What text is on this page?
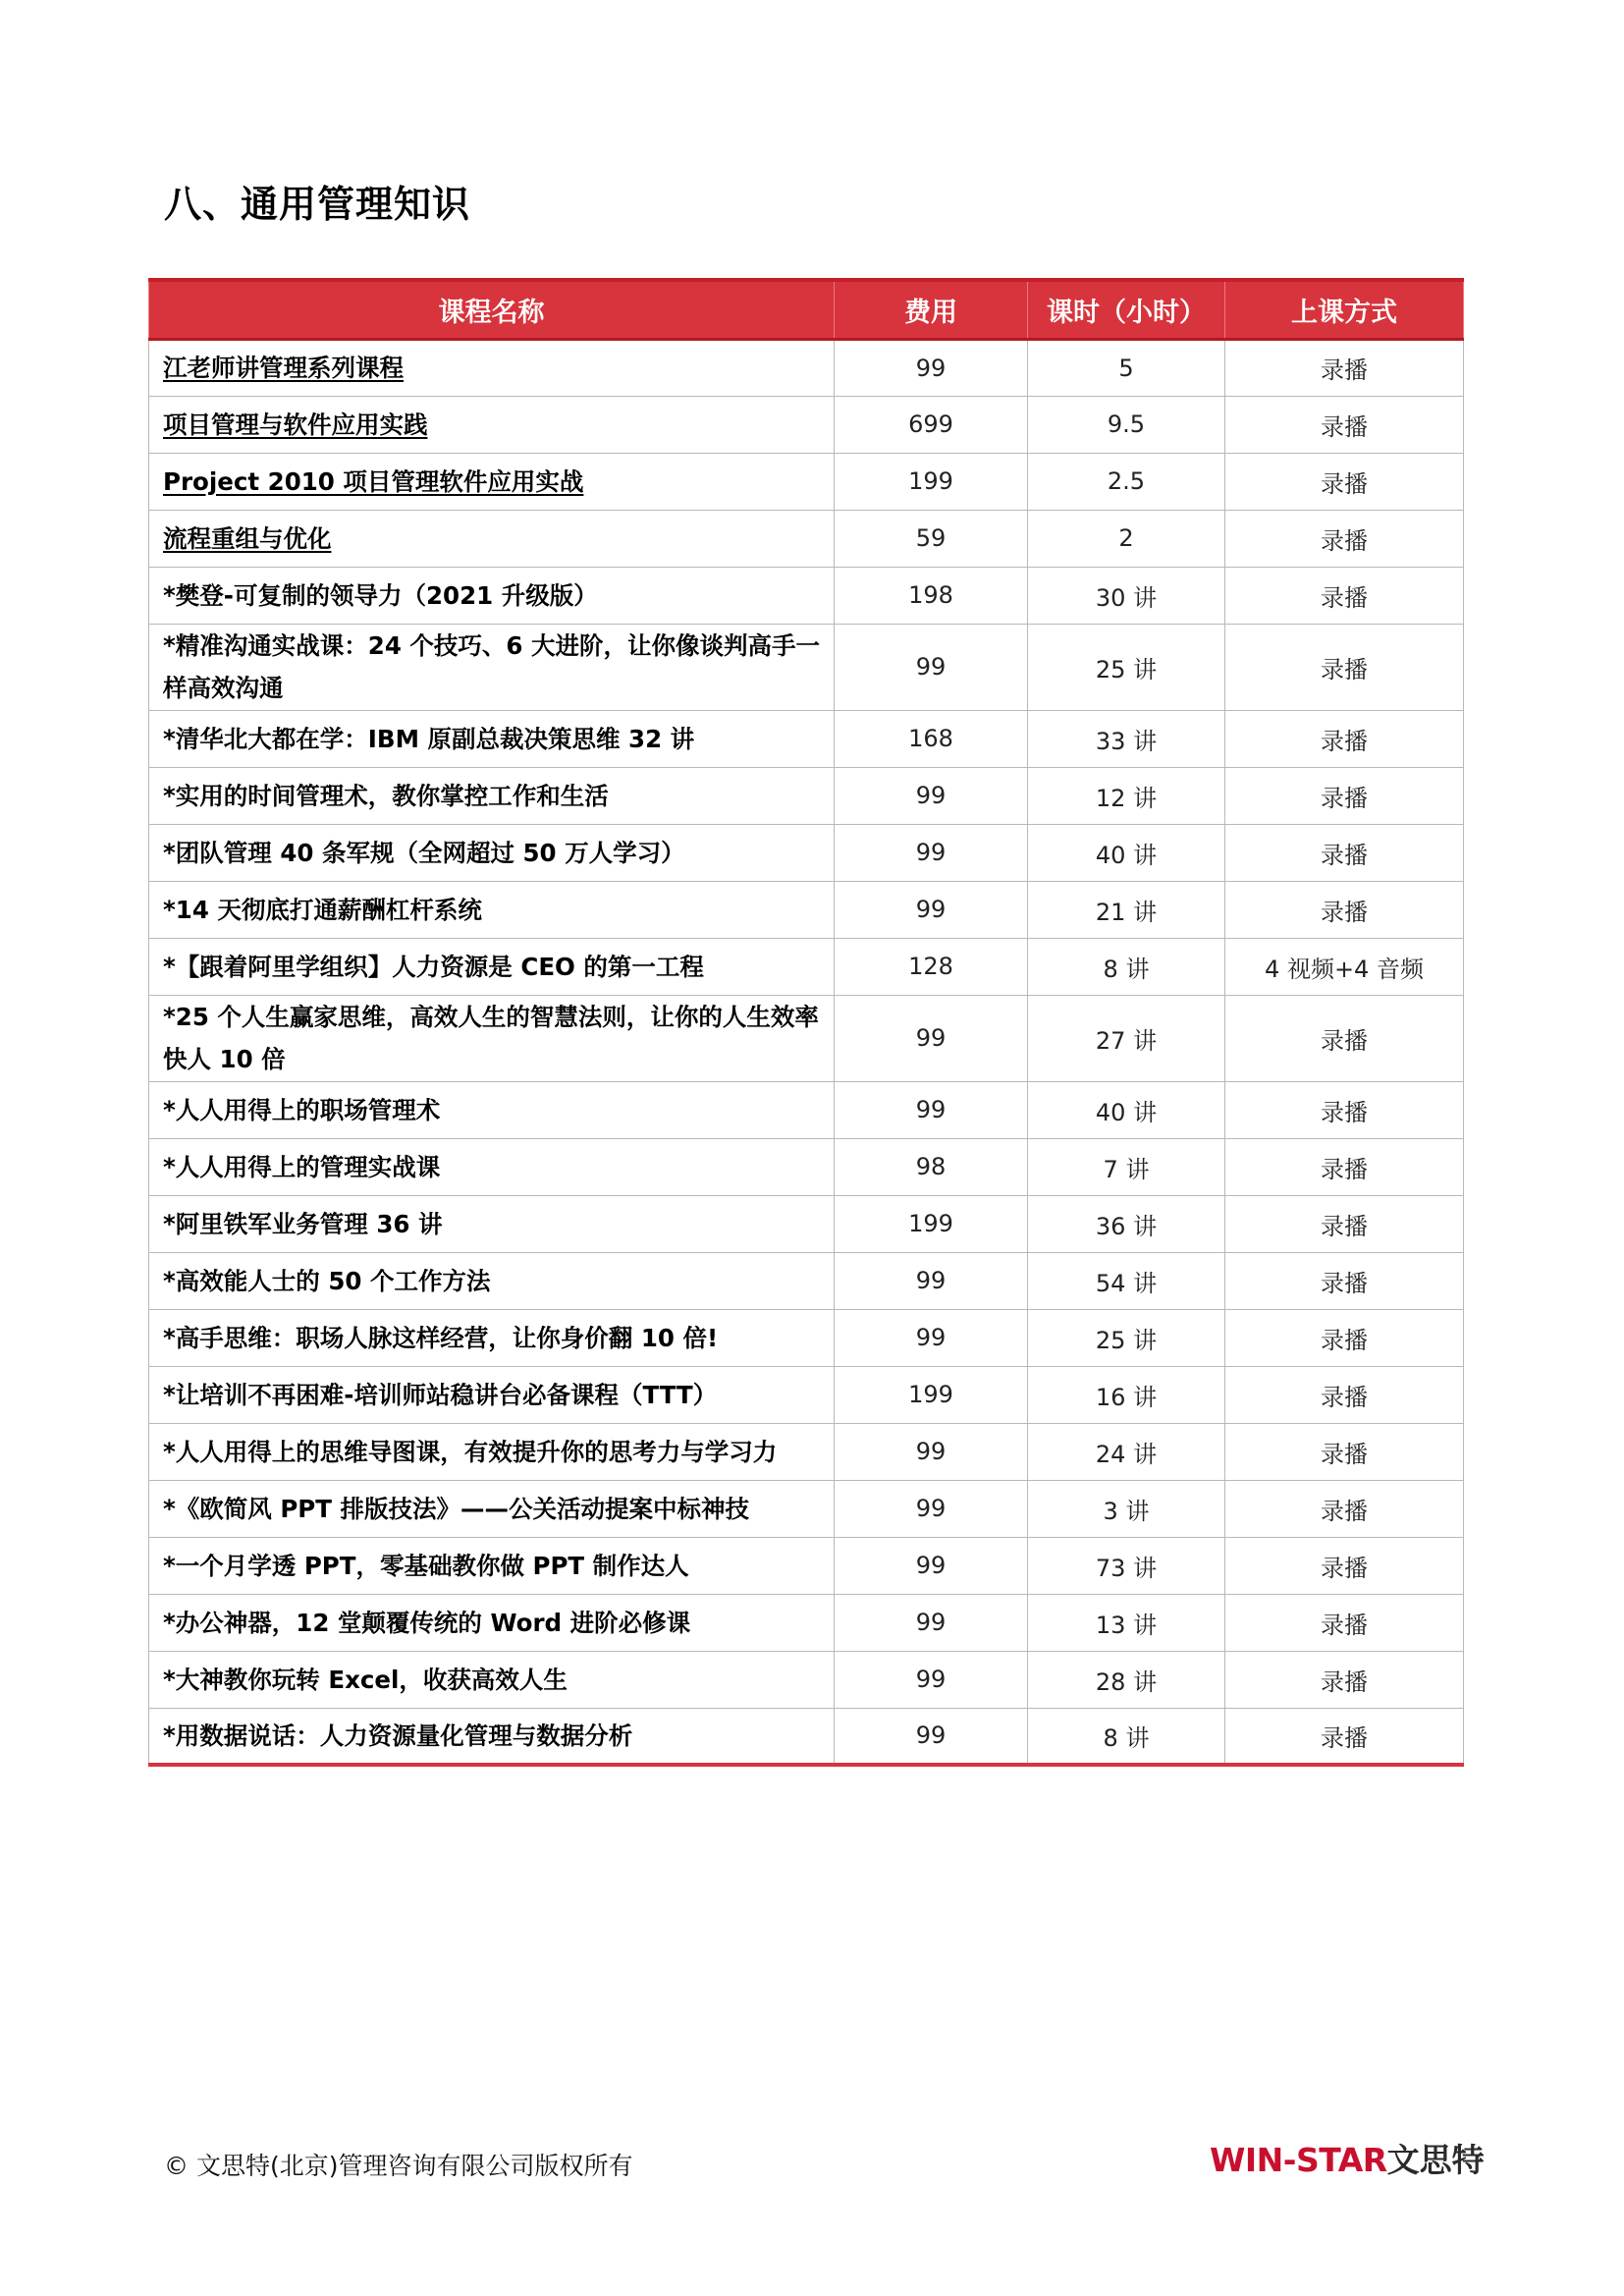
八、通用管理知识
课程名称	费用	课时（小时）	上课方式
江老师讲管理系列课程	99	5	录播
项目管理与软件应用实践	699	9.5	录播
Project 2010 项目管理软件应用实战	199	2.5	录播
流程重组与优化	59	2	录播
*樊登-可复制的领导力（2021 升级版）	198	30 讲	录播
*精准沟通实战课：24 个技巧、6 大进阶，让你像谈判高手一样高效沟通	99	25 讲	录播
*清华北大都在学：IBM 原副总裁决策思维 32 讲	168	33 讲	录播
*实用的时间管理术，教你掌控工作和生活	99	12 讲	录播
*团队管理 40 条军规（全网超过 50 万人学习）	99	40 讲	录播
*14 天彻底打通薪酬杠杆系统	99	21 讲	录播
*【跟着阿里学组织】人力资源是 CEO 的第一工程	128	8 讲	4 视频+4 音频
*25 个人生赢家思维，高效人生的智慧法则，让你的人生效率快人 10 倍	99	27 讲	录播
*人人用得上的职场管理术	99	40 讲	录播
*人人用得上的管理实战课	98	7 讲	录播
*阿里铁军业务管理 36 讲	199	36 讲	录播
*高效能人士的 50 个工作方法	99	54 讲	录播
*高手思维：职场人脉这样经营，让你身价翻 10 倍!	99	25 讲	录播
*让培训不再困难-培训师站稳讲台必备课程（TTT）	199	16 讲	录播
*人人用得上的思维导图课，有效提升你的思考力与学习力	99	24 讲	录播
*《欧简风 PPT 排版技法》——公关活动提案中标神技	99	3 讲	录播
*一个月学透 PPT，零基础教你做 PPT 制作达人	99	73 讲	录播
*办公神器，12 堂颠覆传统的 Word 进阶必修课	99	13 讲	录播
*大神教你玩转 Excel，收获高效人生	99	28 讲	录播
*用数据说话：人力资源量化管理与数据分析	99	8 讲	录播
© 文思特(北京)管理咨询有限公司版权所有	WIN-STAR文思特
